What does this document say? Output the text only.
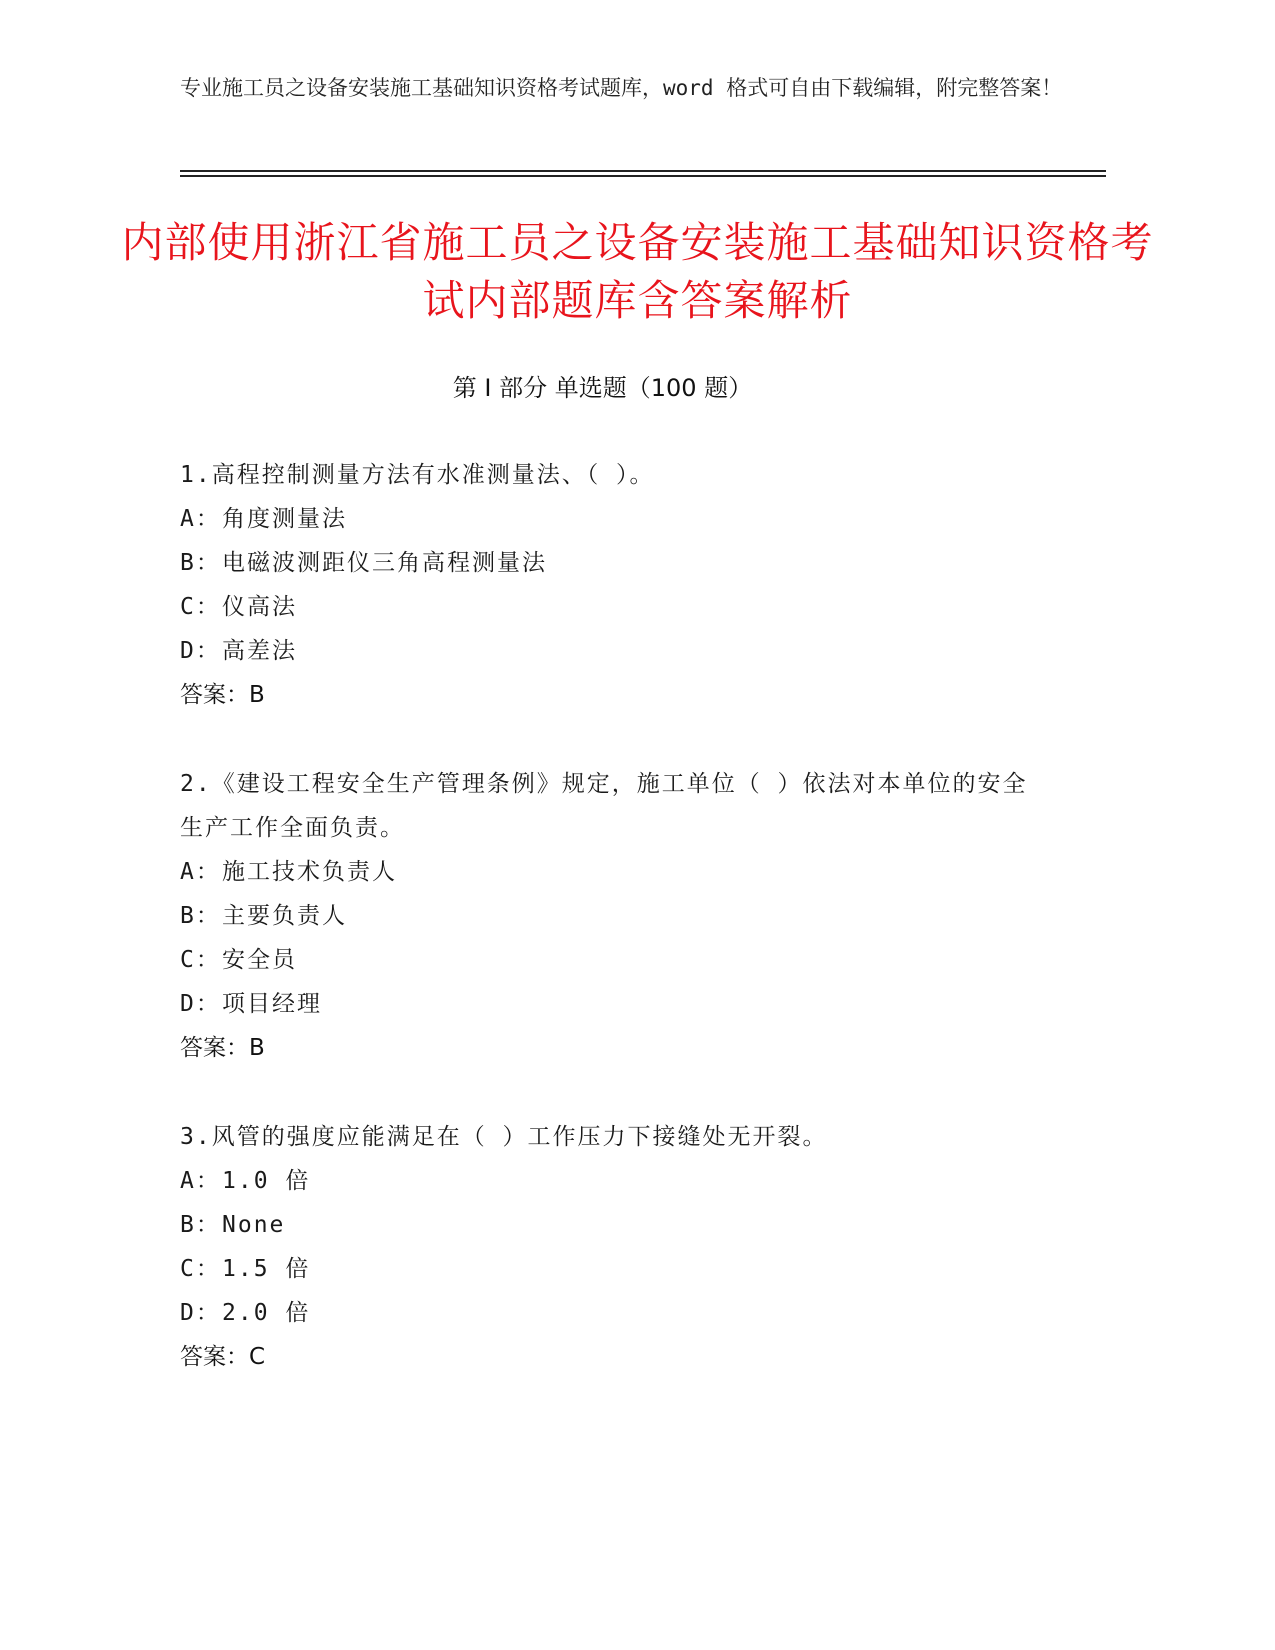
专业施工员之设备安装施工基础知识资格考试题库，word 格式可自由下载编辑，附完整答案！
内部使用浙江省施工员之设备安装施工基础知识资格考试内部题库含答案解析
第 I 部分 单选题（100 题）
1.高程控制测量方法有水准测量法、（ ）。
A：角度测量法
B：电磁波测距仪三角高程测量法
C：仪高法
D：高差法
答案：B
2.《建设工程安全生产管理条例》规定，施工单位（ ）依法对本单位的安全生产工作全面负责。
A：施工技术负责人
B：主要负责人
C：安全员
D：项目经理
答案：B
3.风管的强度应能满足在（ ）工作压力下接缝处无开裂。
A：1.0 倍
B：None
C：1.5 倍
D：2.0 倍
答案：C
